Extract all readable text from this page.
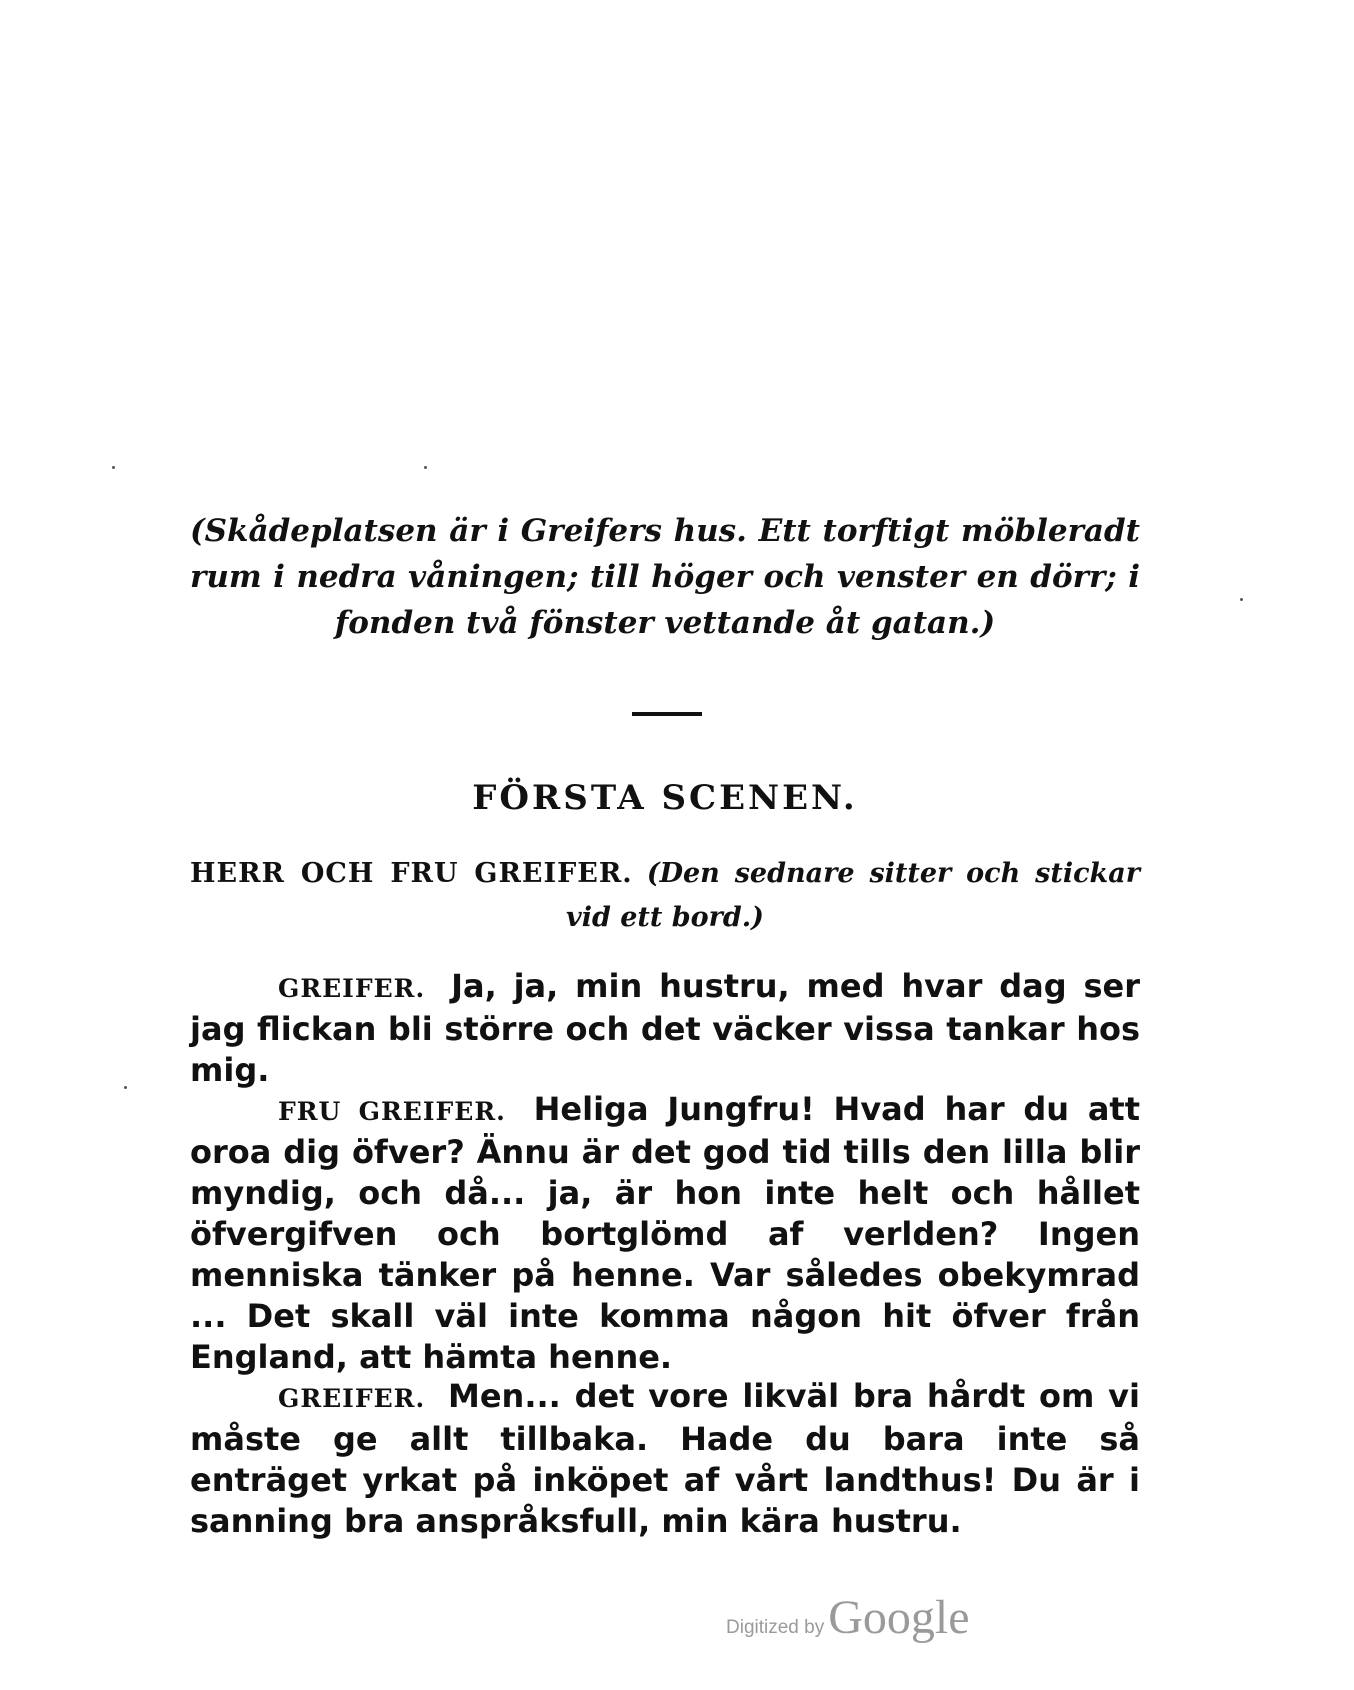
(Skådeplatsen är i Greifers hus. Ett torftigt möbleradt rum i nedra våningen; till höger och venster en dörr; i fonden två fönster vettande åt gatan.)

FÖRSTA SCENEN.

HERR OCH FRU GREIFER. (Den sednare sitter och stickar vid ett bord.)

GREIFER. Ja, ja, min hustru, med hvar dag ser jag flickan bli större och det väcker vissa tankar hos mig.

FRU GREIFER. Heliga Jungfru! Hvad har du att oroa dig öfver? Ännu är det god tid tills den lilla blir myndig, och då... ja, är hon inte helt och hållet öfvergifven och bortglömd af verlden? Ingen menniska tänker på henne. Var således obekymrad ... Det skall väl inte komma någon hit öfver från England, att hämta henne.

GREIFER. Men... det vore likväl bra hårdt om vi måste ge allt tillbaka. Hade du bara inte så enträget yrkat på inköpet af vårt landthus! Du är i sanning bra anspråksfull, min kära hustru.

Digitized byGoogle
